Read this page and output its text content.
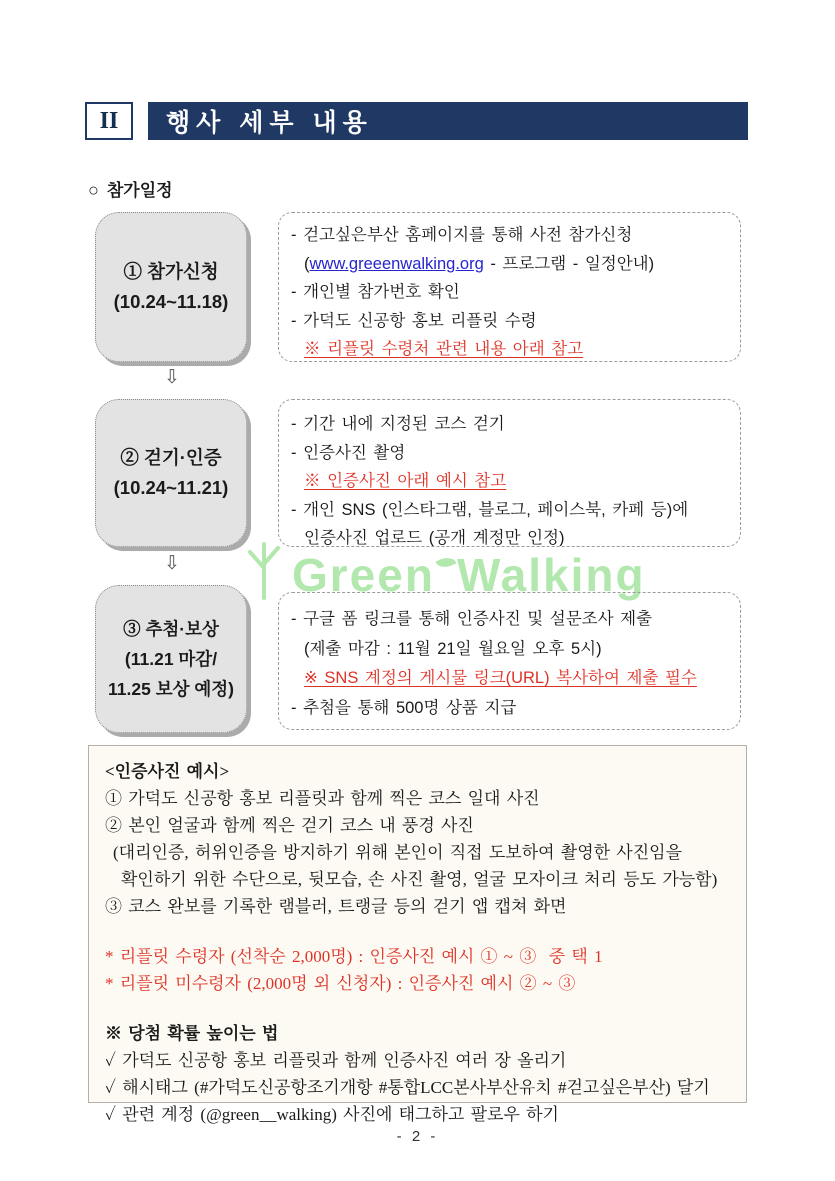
Green Walking
II	행사 세부 내용
○ 참가일정
① 참가신청
(10.24~11.18)
- 걷고싶은부산 홈페이지를 통해 사전 참가신청
(www.greeenwalking.org - 프로그램 - 일정안내)
- 개인별 참가번호 확인
- 가덕도 신공항 홍보 리플릿 수령
※ 리플릿 수령처 관련 내용 아래 참고
⇩
② 걷기·인증
(10.24~11.21)
- 기간 내에 지정된 코스 걷기
- 인증사진 촬영
※ 인증사진 아래 예시 참고
- 개인 SNS (인스타그램, 블로그, 페이스북, 카페 등)에
인증사진 업로드 (공개 계정만 인정)
⇩
③ 추첨·보상
(11.21 마감/
11.25 보상 예정)
- 구글 폼 링크를 통해 인증사진 및 설문조사 제출
(제출 마감 : 11월 21일 월요일 오후 5시)
※ SNS 계정의 게시물 링크(URL) 복사하여 제출 필수
- 추첨을 통해 500명 상품 지급
<인증사진 예시>
① 가덕도 신공항 홍보 리플릿과 함께 찍은 코스 일대 사진
② 본인 얼굴과 함께 찍은 걷기 코스 내 풍경 사진
(대리인증, 허위인증을 방지하기 위해 본인이 직접 도보하여 촬영한 사진임을
확인하기 위한 수단으로, 뒷모습, 손 사진 촬영, 얼굴 모자이크 처리 등도 가능함)
③ 코스 완보를 기록한 램블러, 트랭글 등의 걷기 앱 캡쳐 화면
* 리플릿 수령자 (선착순 2,000명) : 인증사진 예시 ① ~ ③  중 택 1
* 리플릿 미수령자 (2,000명 외 신청자) : 인증사진 예시 ② ~ ③
※ 당첨 확률 높이는 법
✓ 가덕도 신공항 홍보 리플릿과 함께 인증사진 여러 장 올리기
✓ 해시태그 (#가덕도신공항조기개항 #통합LCC본사부산유치 #걷고싶은부산) 달기
✓ 관련 계정 (@green__walking) 사진에 태그하고 팔로우 하기
- 2 -
